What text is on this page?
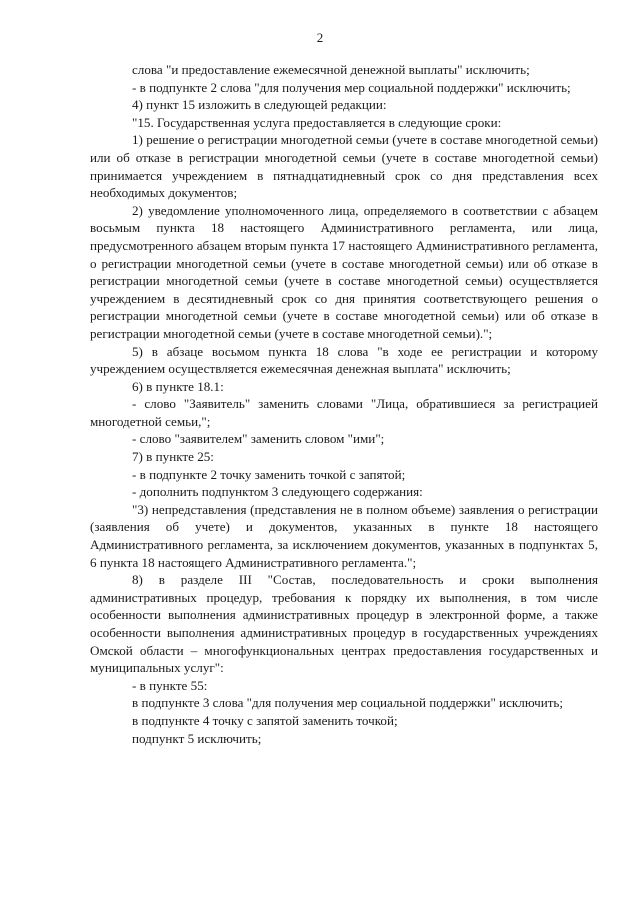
2

слова "и предоставление ежемесячной денежной выплаты" исключить;

- в подпункте 2 слова "для получения мер социальной поддержки" исключить;

4) пункт 15 изложить в следующей редакции:

"15. Государственная услуга предоставляется в следующие сроки:

1) решение о регистрации многодетной семьи (учете в составе многодетной семьи) или об отказе в регистрации многодетной семьи (учете в составе многодетной семьи) принимается учреждением в пятнадцатидневный срок со дня представления всех необходимых документов;

2) уведомление уполномоченного лица, определяемого в соответствии с абзацем восьмым пункта 18 настоящего Административного регламента, или лица, предусмотренного абзацем вторым пункта 17 настоящего Административного регламента, о регистрации многодетной семьи (учете в составе многодетной семьи) или об отказе в регистрации многодетной семьи (учете в составе многодетной семьи) осуществляется учреждением в десятидневный срок со дня принятия соответствующего решения о регистрации многодетной семьи (учете в составе многодетной семьи) или об отказе в регистрации многодетной семьи (учете в составе многодетной семьи).";

5) в абзаце восьмом пункта 18 слова "в ходе ее регистрации и которому учреждением осуществляется ежемесячная денежная выплата" исключить;

6) в пункте 18.1:

- слово "Заявитель" заменить словами "Лица, обратившиеся за регистрацией многодетной семьи,";

- слово "заявителем" заменить словом "ими";

7) в пункте 25:

- в подпункте 2 точку заменить точкой с запятой;

- дополнить подпунктом 3 следующего содержания:

"3) непредставления (представления не в полном объеме) заявления о регистрации (заявления об учете) и документов, указанных в пункте 18 настоящего Административного регламента, за исключением документов, указанных в подпунктах 5, 6 пункта 18 настоящего Административного регламента.";

8) в разделе III "Состав, последовательность и сроки выполнения административных процедур, требования к порядку их выполнения, в том числе особенности выполнения административных процедур в электронной форме, а также особенности выполнения административных процедур в государственных учреждениях Омской области – многофункциональных центрах предоставления государственных и муниципальных услуг":

- в пункте 55:

в подпункте 3 слова "для получения мер социальной поддержки" исключить;

в подпункте 4 точку с запятой заменить точкой;

подпункт 5 исключить;
